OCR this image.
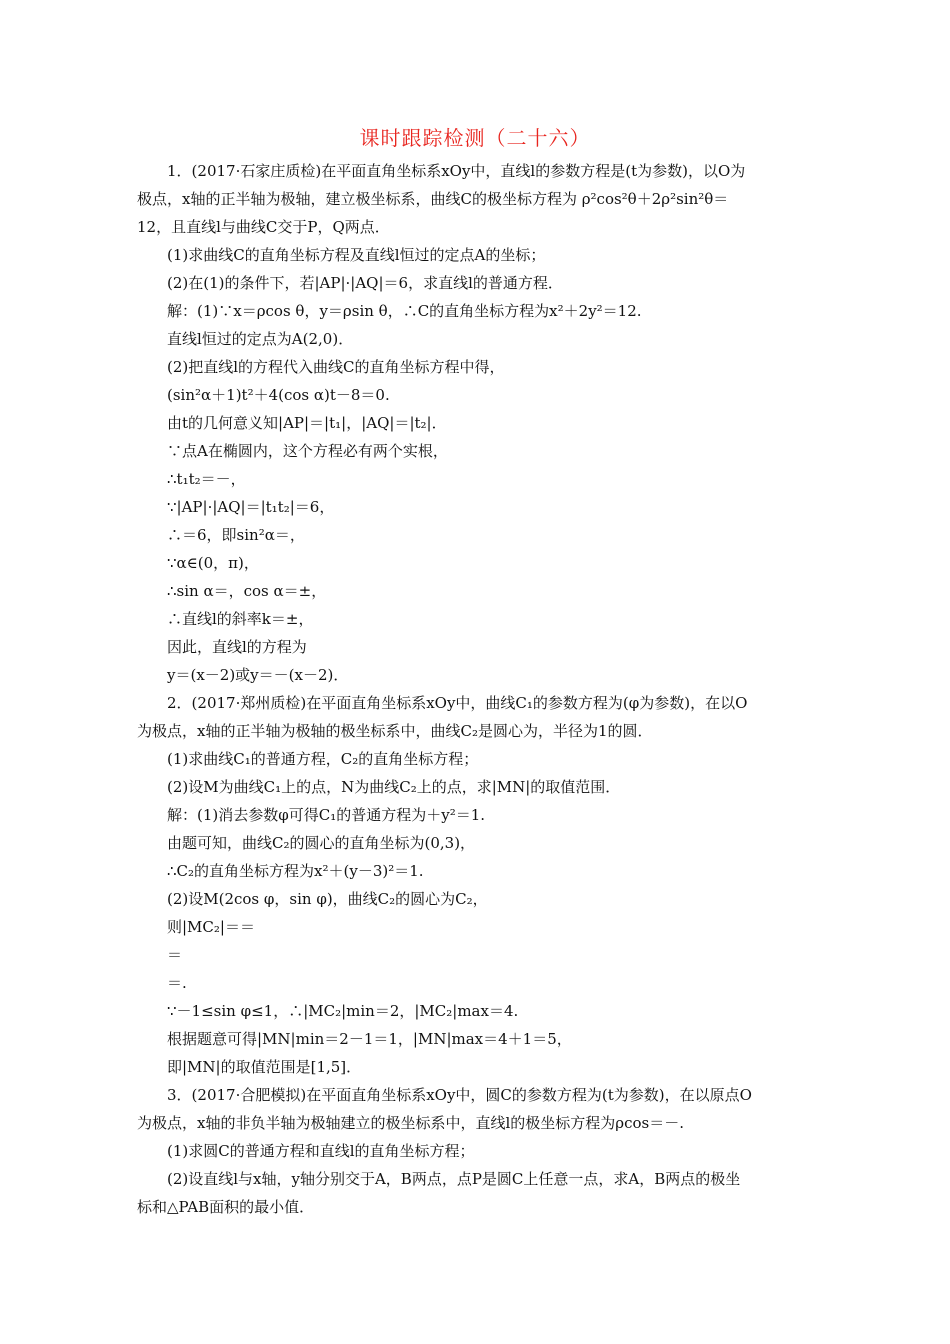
课时跟踪检测（二十六）
1．(2017·石家庄质检)在平面直角坐标系xOy中，直线l的参数方程是(t为参数)，以O为
极点，x轴的正半轴为极轴，建立极坐标系，曲线C的极坐标方程为 ρ²cos²θ＋2ρ²sin²θ＝
12，且直线l与曲线C交于P，Q两点．
(1)求曲线C的直角坐标方程及直线l恒过的定点A的坐标；
(2)在(1)的条件下，若|AP|·|AQ|＝6，求直线l的普通方程．
解：(1)∵x＝ρcos θ，y＝ρsin θ，∴C的直角坐标方程为x²＋2y²＝12.
直线l恒过的定点为A(2,0)．
(2)把直线l的方程代入曲线C的直角坐标方程中得，
(sin²α＋1)t²＋4(cos α)t－8＝0.
由t的几何意义知|AP|＝|t₁|，|AQ|＝|t₂|．
∵点A在椭圆内，这个方程必有两个实根，
∴t₁t₂＝－，
∵|AP|·|AQ|＝|t₁t₂|＝6，
∴＝6，即sin²α＝，
∵α∈(0，π)，
∴sin α＝，cos α＝±，
∴直线l的斜率k＝±，
因此，直线l的方程为
y＝(x－2)或y＝－(x－2)．
2．(2017·郑州质检)在平面直角坐标系xOy中，曲线C₁的参数方程为(φ为参数)，在以O
为极点，x轴的正半轴为极轴的极坐标系中，曲线C₂是圆心为，半径为1的圆．
(1)求曲线C₁的普通方程，C₂的直角坐标方程；
(2)设M为曲线C₁上的点，N为曲线C₂上的点，求|MN|的取值范围．
解：(1)消去参数φ可得C₁的普通方程为＋y²＝1.
由题可知，曲线C₂的圆心的直角坐标为(0,3)，
∴C₂的直角坐标方程为x²＋(y－3)²＝1.
(2)设M(2cos φ，sin φ)，曲线C₂的圆心为C₂，
则|MC₂|＝＝
＝
＝.
∵－1≤sin φ≤1，∴|MC₂|min＝2，|MC₂|max＝4.
根据题意可得|MN|min＝2－1＝1，|MN|max＝4＋1＝5，
即|MN|的取值范围是[1,5]．
3．(2017·合肥模拟)在平面直角坐标系xOy中，圆C的参数方程为(t为参数)，在以原点O
为极点，x轴的非负半轴为极轴建立的极坐标系中，直线l的极坐标方程为ρcos＝－.
(1)求圆C的普通方程和直线l的直角坐标方程；
(2)设直线l与x轴，y轴分别交于A，B两点，点P是圆C上任意一点，求A，B两点的极坐
标和△PAB面积的最小值．
